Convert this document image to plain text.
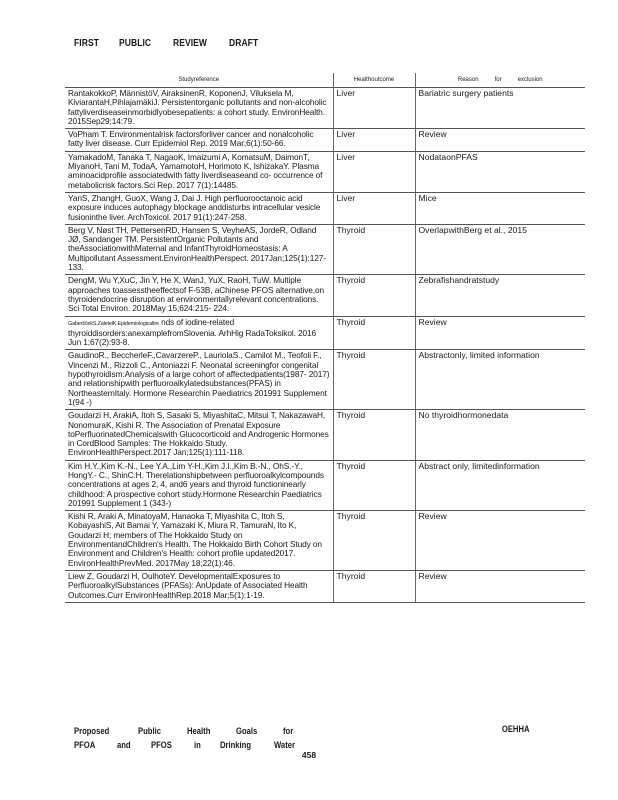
FIRST PUBLIC REVIEW DRAFT
Studyreference	Healthoutcome	Reason for exclusion
RantakokkoP, MännistöV, AiraksinenR, KoponenJ, Viluksela M, KiviarantaH,PihlajamäkiJ. Persistentorganic pollutants and non-alcoholic fattyliverdiseaseinmorbidlyobesepatients: a cohort study. EnvironHealth. 2015Sep29;14:79.	Liver	Bariatric surgery patients
VoPham T. Environmentalrisk factorsforliver cancer and nonalcoholic fatty liver disease. Curr Epidemiol Rep. 2019 Mar;6(1):50-66.	Liver	Review
YamakadoM, Tanaka T, NagaoK, Imaizumi A, KomatsuM, DaimonT, MiyanoH, Tani M, TodaA, YamamotoH, Horimoto K, IshizakaY. Plasma aminoacidprofile associatedwith fatty liverdiseaseand co- occurrence of metabolicrisk factors.Sci Rep. 2017 7(1):14485.	Liver	NodataonPFAS
YanS, ZhangH, GuoX, Wang J, Dai J. High perfluorooctanoic acid exposure induces autophagy blockage anddisturbs intracellular vesicle fusioninthe liver. ArchToxicol. 2017 91(1):247-258.	Liver	Mice
Berg V, Nøst TH, PettersenRD, Hansen S, VeyheAS, JordeR, Odland JØ, Sandanger TM. PersistentOrganic Pollutants and theAssociationwithMaternal and InfantThyroidHomeostasis: A Multipollutant Assessment.EnvironHealthPerspect. 2017Jan;125(1):127- 133.	Thyroid	OverlapwithBerg et al., 2015
DengM, Wu Y,XuC, Jin Y, He X, WanJ, YuX, RaoH, TuW. Multiple approaches toassesstheeffectsof F-53B, aChinese PFOS alternative,on thyroidendocrine disruption at environmentallyrelevant concentrations. Sci Total Environ. 2018May 15;624:215- 224.	Thyroid	Zebrafishandratstudy
GaberščekS,ZaletelK.Epidemiologicaltre nds of iodine-related thyroiddisorders:anexamplefromSlovenia. ArhHig RadaToksikol. 2016 Jun 1;67(2):93-8.	Thyroid	Review
GaudinoR., BeccherleF.,CavarzereP., LauriolaS., Camilot M., Teofoli F., Vincenzi M., Rizzoli C., Antoniazzi F. Neonatal screeningfor congenital hypothyroidism:Analysis of a large cohort of affectedpatients(1987- 2017) and relationshipwith perfluoroalkylatedsubstances(PFAS) in NortheasternItaly. Hormone Researchin Paediatrics 201991 Supplement 1(94 -)	Thyroid	Abstractonly, limited information
Goudarzi H, ArakiA, Itoh S, Sasaki S, MiyashitaC, Mitsui T, NakazawaH, NonomuraK, Kishi R. The Association of Prenatal Exposure toPerfluorinatedChemicalswith Glucocorticoid and Androgenic Hormones in CordBlood Samples: The Hokkaido Study. EnvironHealthPerspect.2017 Jan;125(1):111-118.	Thyroid	No thyroidhormonedata
Kim H.Y.,Kim K.-N., Lee Y.A.,Lim Y-H.,Kim J.I.,Kim B.-N., OhS.-Y., HongY.- C., ShinC.H. Therelationshipbetween perfluoroalkylcompounds concentrations at ages 2, 4, and6 years and thyroid functioninearly childhood: A prospective cohort study.Hormone Researchin Paediatrics 201991 Supplement 1 (343-)	Thyroid	Abstract only, limitedinformation
Kishi R, Araki A, MinatoyaM, Hanaoka T, Miyashita C, Itoh S, KobayashiS, Ait Bamai Y, Yamazaki K, Miura R, TamuraN, Ito K, Goudarzi H; members of The Hokkaido Study on EnvironmentandChildren's Health. The Hokkaido Birth Cohort Study on Environment and Children's Health: cohort profile updated2017. EnvironHealthPrevMed. 2017May 18;22(1):46.	Thyroid	Review
Liew Z, Goudarzi H, OulhoteY. DevelopmentalExposures to PerfluoroalkylSubstances (PFASs): AnUpdate of Associated Health Outcomes.Curr EnvironHealthRep.2018 Mar;5(1):1-19.	Thyroid	Review
Proposed	Public	Health	Goals	for
PFOA and PFOS in Drinking	Water
OEHHA
458
